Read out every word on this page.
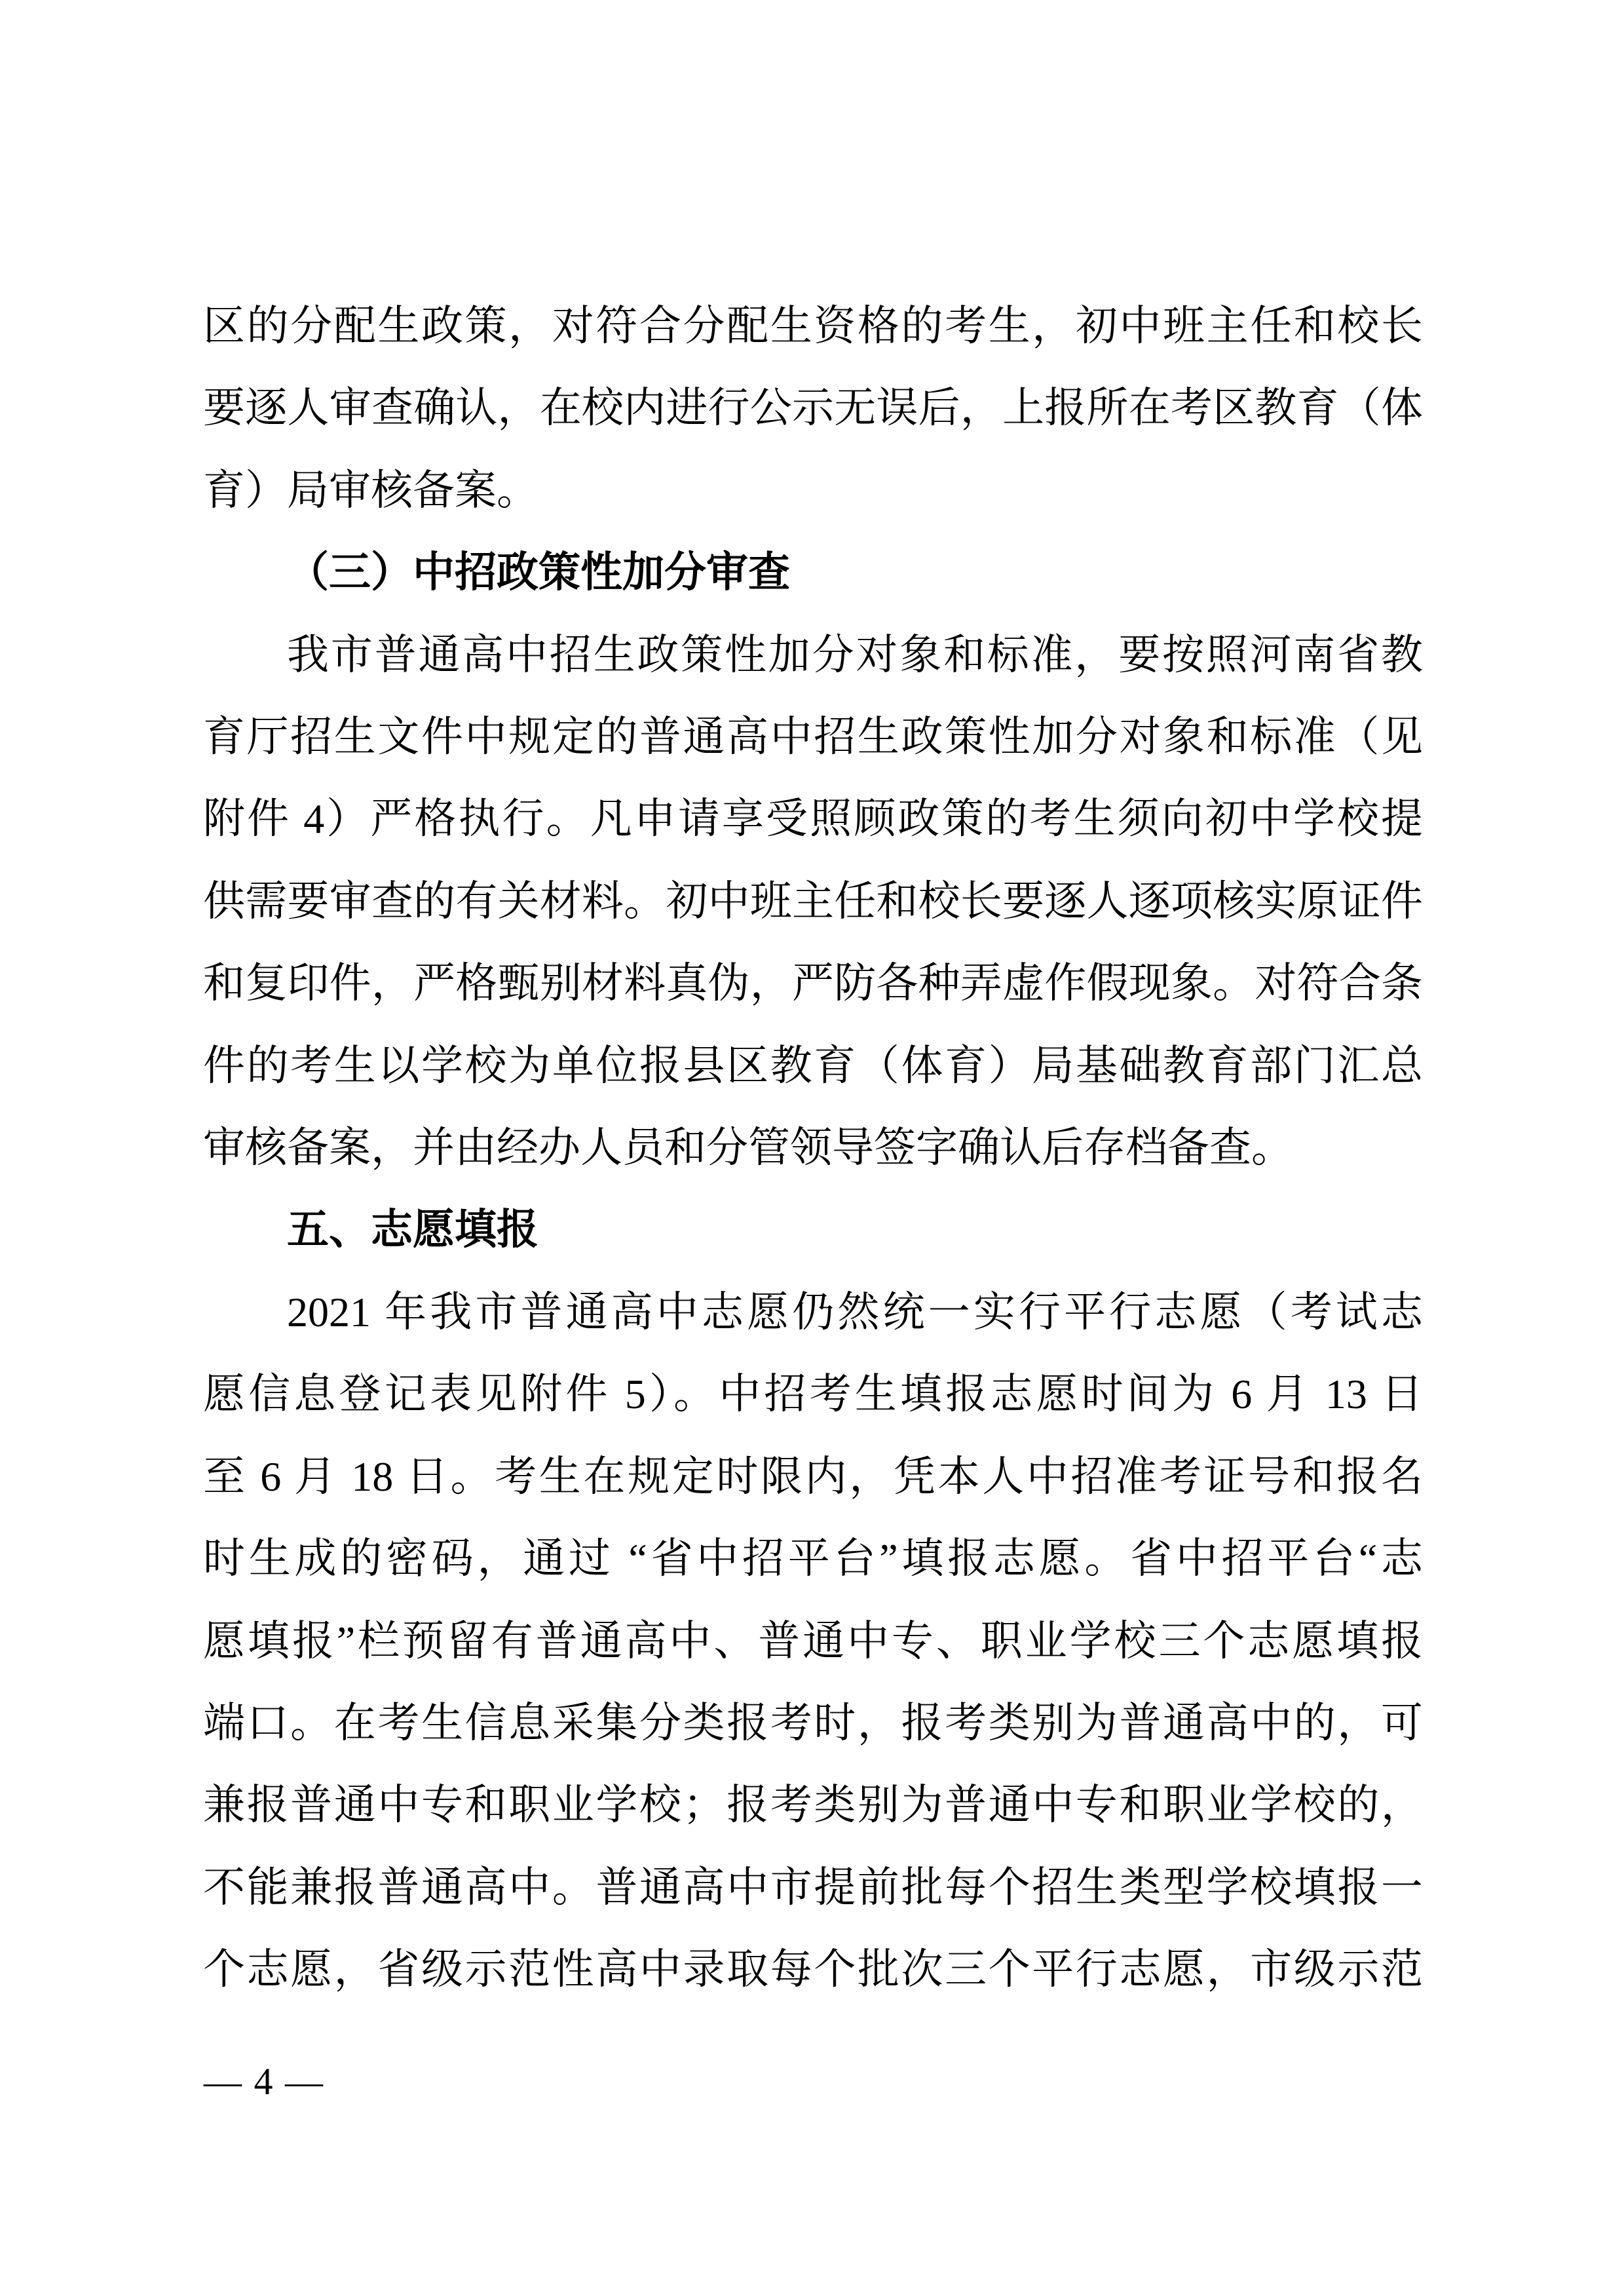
区的分配生政策，对符合分配生资格的考生，初中班主任和校长
要逐人审查确认，在校内进行公示无误后，上报所在考区教育（体
育）局审核备案。
（三）中招政策性加分审查
我市普通高中招生政策性加分对象和标准，要按照河南省教
育厅招生文件中规定的普通高中招生政策性加分对象和标准（见
附件 4）严格执行。凡申请享受照顾政策的考生须向初中学校提
供需要审查的有关材料。初中班主任和校长要逐人逐项核实原证件
和复印件，严格甄别材料真伪，严防各种弄虚作假现象。对符合条
件的考生以学校为单位报县区教育（体育）局基础教育部门汇总
审核备案，并由经办人员和分管领导签字确认后存档备查。
五、志愿填报
2021 年我市普通高中志愿仍然统一实行平行志愿（考试志
愿信息登记表见附件 5）。中招考生填报志愿时间为 6 月 13 日
至 6 月 18 日。考生在规定时限内，凭本人中招准考证号和报名
时生成的密码，通过 “省中招平台”填报志愿。省中招平台“志
愿填报”栏预留有普通高中、普通中专、职业学校三个志愿填报
端口。在考生信息采集分类报考时，报考类别为普通高中的，可
兼报普通中专和职业学校；报考类别为普通中专和职业学校的，
不能兼报普通高中。普通高中市提前批每个招生类型学校填报一
个志愿，省级示范性高中录取每个批次三个平行志愿，市级示范
— 4 —
